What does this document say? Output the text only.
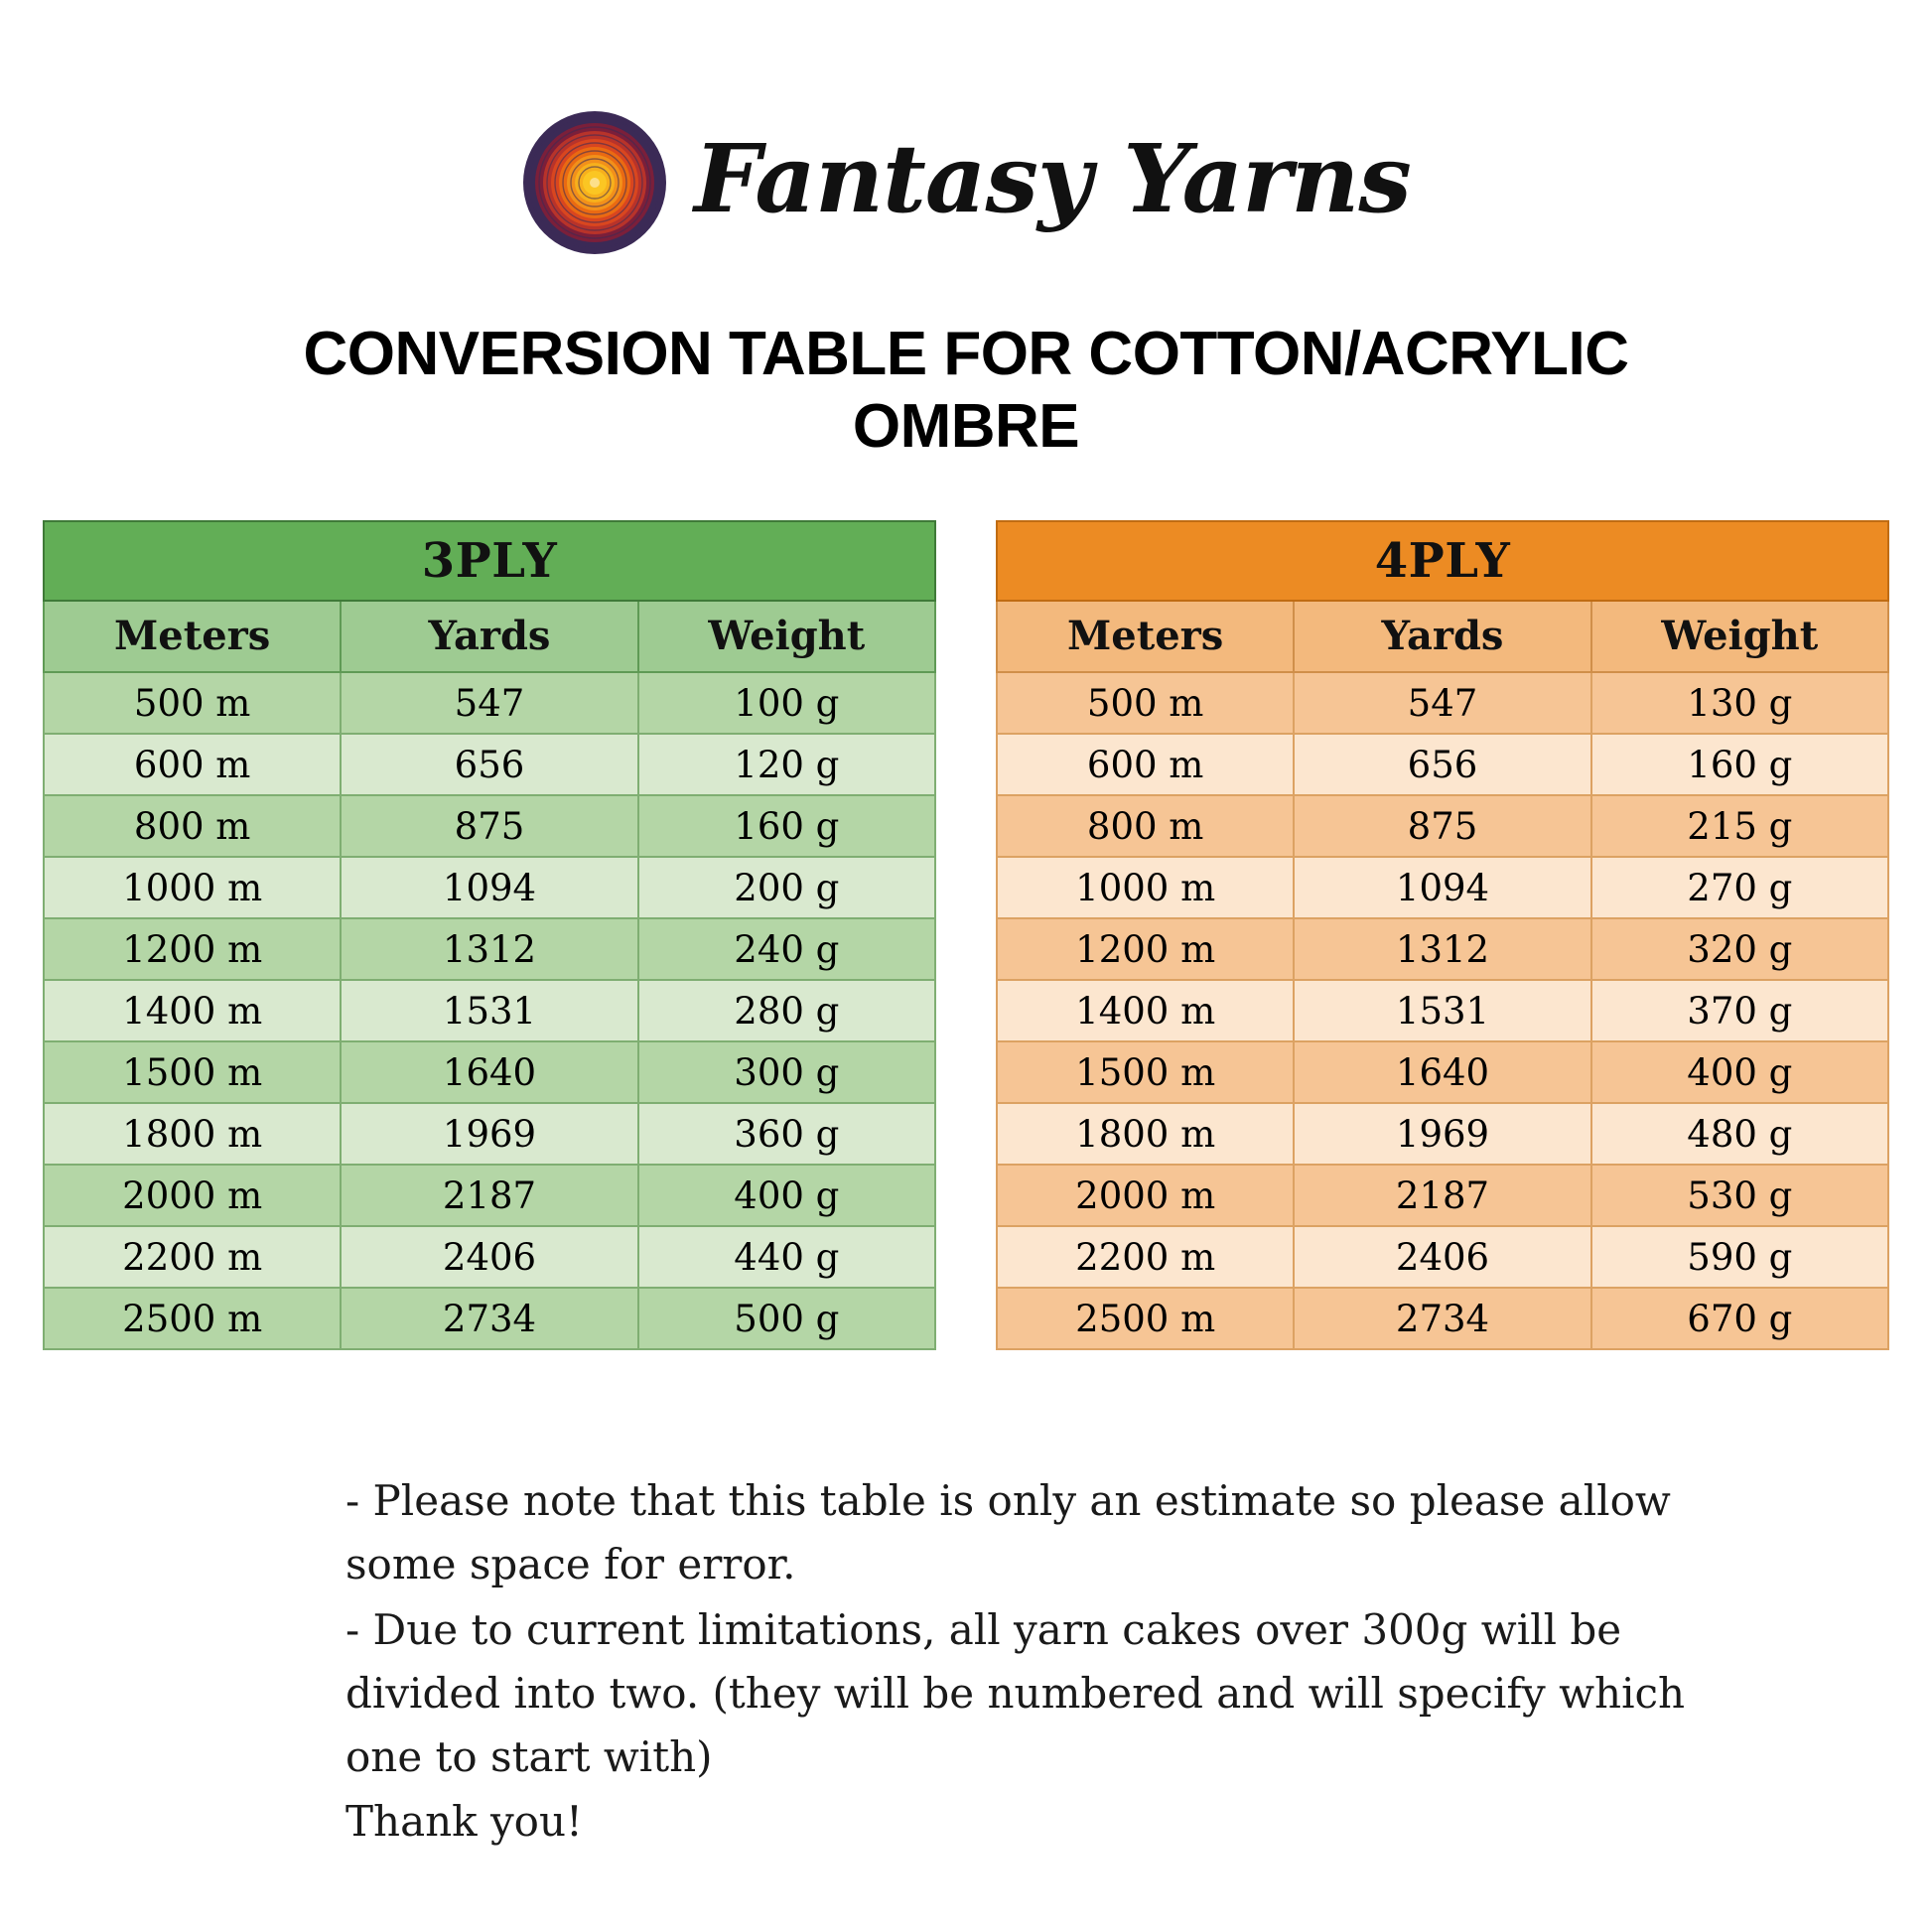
Fantasy Yarns
CONVERSION TABLE FOR COTTON/ACRYLIC OMBRE
3PLY		
Meters	Yards	Weight
500 m	547	100 g
600 m	656	120 g
800 m	875	160 g
1000 m	1094	200 g
1200 m	1312	240 g
1400 m	1531	280 g
1500 m	1640	300 g
1800 m	1969	360 g
2000 m	2187	400 g
2200 m	2406	440 g
2500 m	2734	500 g
4PLY		
Meters	Yards	Weight
500 m	547	130 g
600 m	656	160 g
800 m	875	215 g
1000 m	1094	270 g
1200 m	1312	320 g
1400 m	1531	370 g
1500 m	1640	400 g
1800 m	1969	480 g
2000 m	2187	530 g
2200 m	2406	590 g
2500 m	2734	670 g

- Please note that this table is only an estimate so please allow some space for error.

- Due to current limitations, all yarn cakes over 300g will be divided into two. (they will be numbered and will specify which one to start with)

Thank you!
